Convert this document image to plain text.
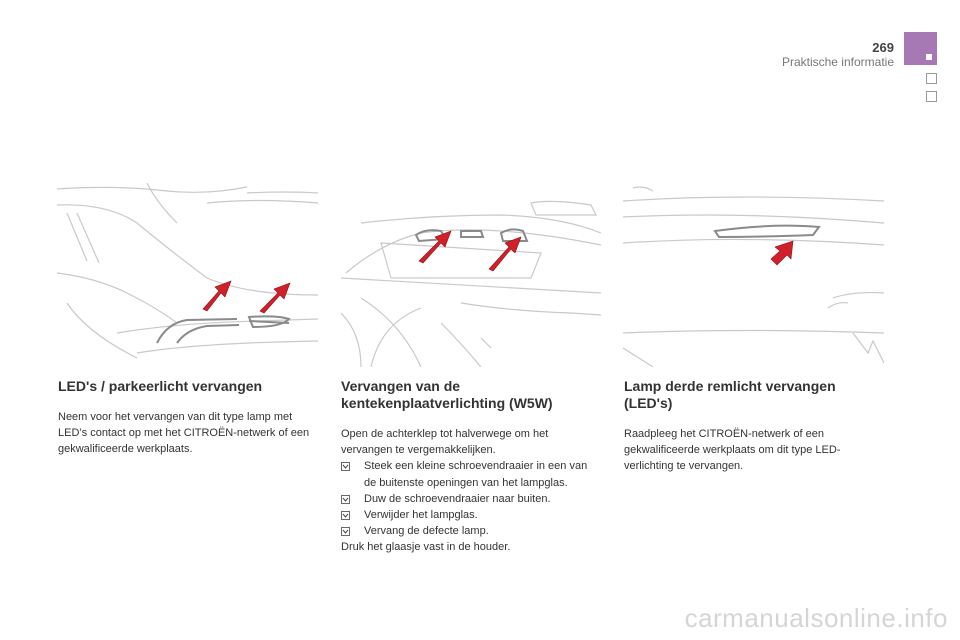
269
Praktische informatie
LED's / parkeerlicht vervangen

Neem voor het vervangen van dit type lamp met LED’s contact op met het CITROËN-netwerk of een gekwalificeerde werkplaats.

Vervangen van de kentekenplaatverlichting (W5W)

Open de achterklep tot halverwege om het vervangen te vergemakkelijken.

Steek een kleine schroevendraaier in een van de buitenste openingen van het lampglas.
Duw de schroevendraaier naar buiten.
Verwijder het lampglas.
Vervang de defecte lamp.

Druk het glaasje vast in de houder.

Lamp derde remlicht vervangen (LED's)

Raadpleeg het CITROËN-netwerk of een gekwalificeerde werkplaats om dit type LED-verlichting te vervangen.

carmanualsonline.info
